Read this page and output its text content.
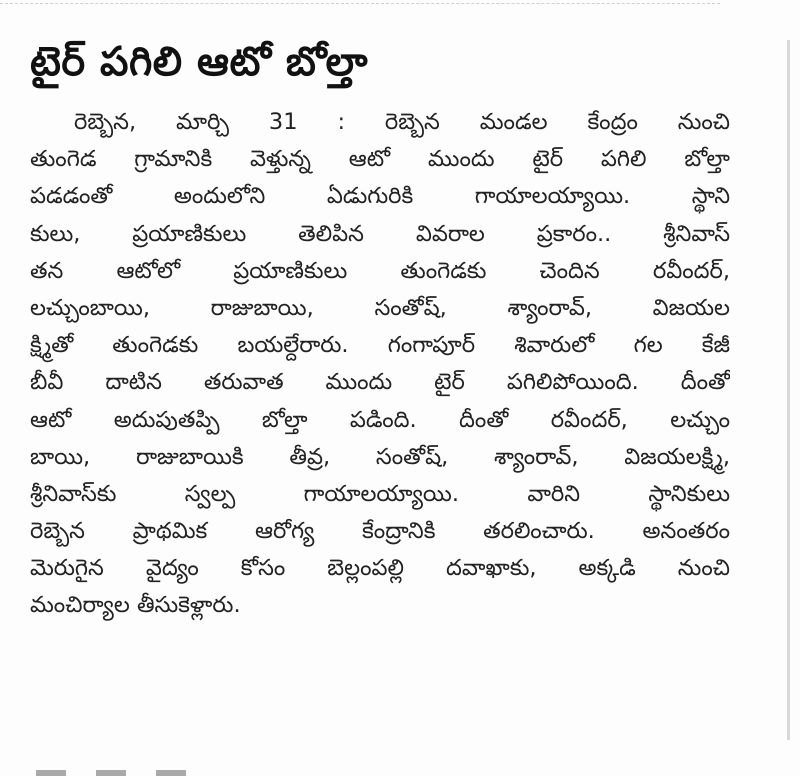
టైర్ పగిలి ఆటో బోల్తా
రెబ్బెన, మార్చి 31 : రెబ్బెన మండల కేంద్రం నుంచి
తుంగెడ గ్రామానికి వెళ్తున్న ఆటో ముందు టైర్ పగిలి బోల్తా
పడడంతో అందులోని ఏడుగురికి గాయాలయ్యాయి. స్థాని
కులు, ప్రయాణికులు తెలిపిన వివరాల ప్రకారం.. శ్రీనివాస్
తన ఆటోలో ప్రయాణికులు తుంగెడకు చెందిన రవీందర్,
లచ్చుంబాయి, రాజుబాయి, సంతోష్, శ్యాంరావ్, విజయల
క్ష్మితో తుంగెడకు బయల్దేరారు. గంగాపూర్ శివారులో గల కేజీ
బీవీ దాటిన తరువాత ముందు టైర్ పగిలిపోయింది. దీంతో
ఆటో అదుపుతప్పి బోల్తా పడింది. దీంతో రవీందర్, లచ్చుం
బాయి, రాజుబాయికి తీవ్ర, సంతోష్, శ్యాంరావ్, విజయలక్ష్మి,
శ్రీనివాస్‌కు స్వల్ప గాయాలయ్యాయి. వారిని స్థానికులు
రెబ్బెన ప్రాథమిక ఆరోగ్య కేంద్రానికి తరలించారు. అనంతరం
మెరుగైన వైద్యం కోసం బెల్లంపల్లి దవాఖాకు, అక్కడి నుంచి
మంచిర్యాల తీసుకెళ్లారు.
